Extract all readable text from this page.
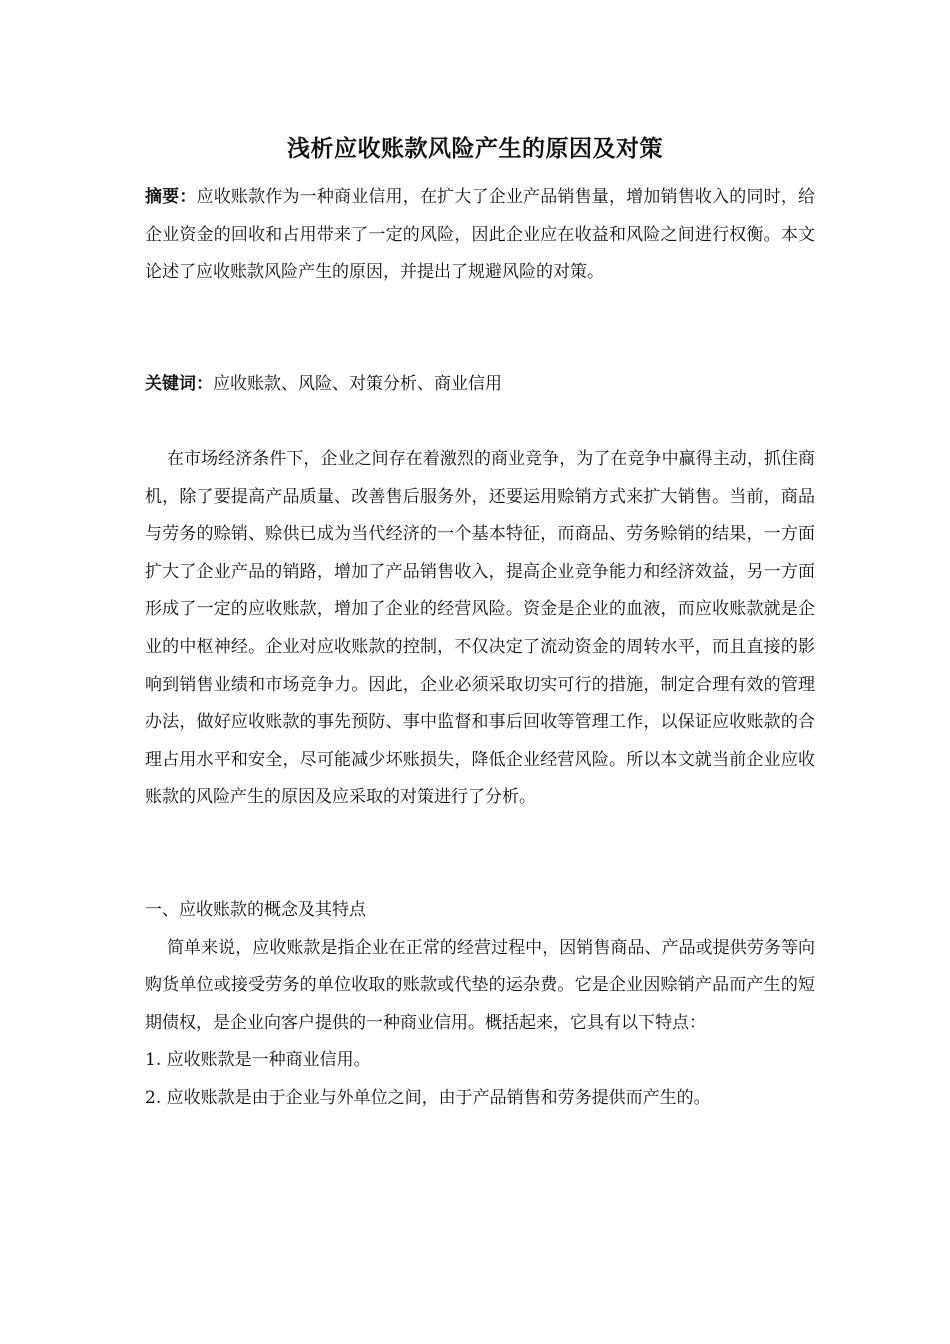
浅析应收账款风险产生的原因及对策
摘要：应收账款作为一种商业信用，在扩大了企业产品销售量，增加销售收入的同时，给企业资金的回收和占用带来了一定的风险，因此企业应在收益和风险之间进行权衡。本文论述了应收账款风险产生的原因，并提出了规避风险的对策。
关键词：应收账款、风险、对策分析、商业信用

在市场经济条件下，企业之间存在着激烈的商业竞争，为了在竞争中赢得主动，抓住商机，除了要提高产品质量、改善售后服务外，还要运用赊销方式来扩大销售。当前，商品与劳务的赊销、赊供已成为当代经济的一个基本特征，而商品、劳务赊销的结果，一方面扩大了企业产品的销路，增加了产品销售收入，提高企业竞争能力和经济效益，另一方面形成了一定的应收账款，增加了企业的经营风险。资金是企业的血液，而应收账款就是企业的中枢神经。企业对应收账款的控制，不仅决定了流动资金的周转水平，而且直接的影响到销售业绩和市场竞争力。因此，企业必须采取切实可行的措施，制定合理有效的管理办法，做好应收账款的事先预防、事中监督和事后回收等管理工作，以保证应收账款的合理占用水平和安全，尽可能减少坏账损失，降低企业经营风险。所以本文就当前企业应收账款的风险产生的原因及应采取的对策进行了分析。

一、应收账款的概念及其特点

简单来说，应收账款是指企业在正常的经营过程中，因销售商品、产品或提供劳务等向购货单位或接受劳务的单位收取的账款或代垫的运杂费。它是企业因赊销产品而产生的短期债权，是企业向客户提供的一种商业信用。概括起来，它具有以下特点：

1. 应收账款是一种商业信用。

2. 应收账款是由于企业与外单位之间，由于产品销售和劳务提供而产生的。
